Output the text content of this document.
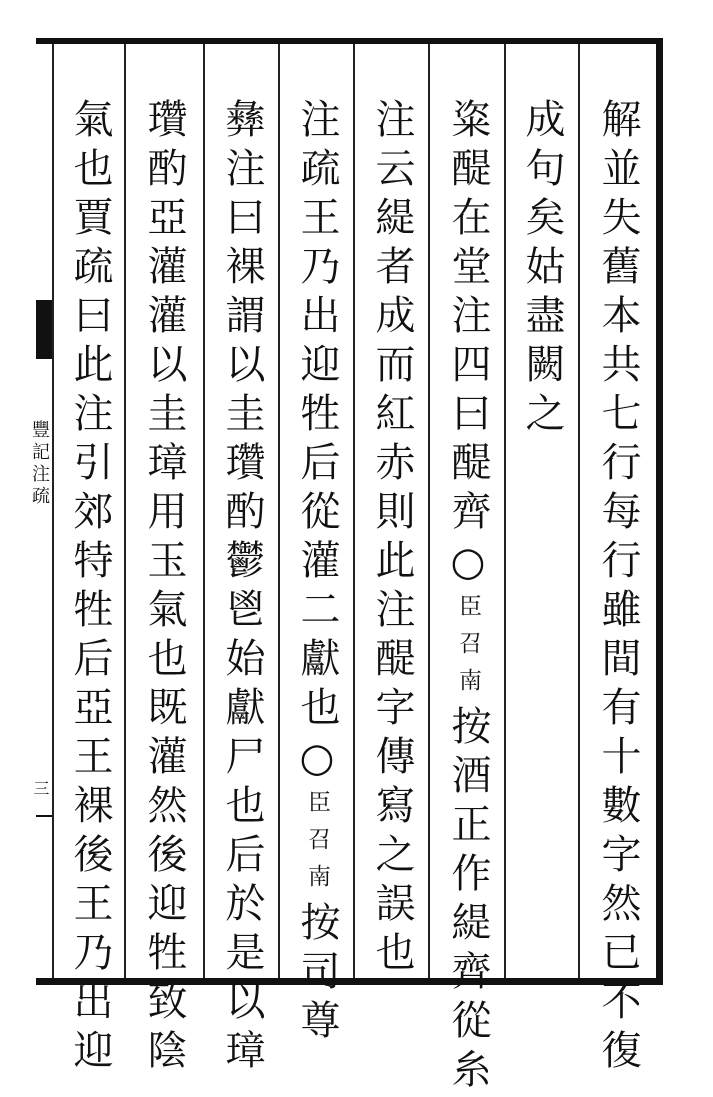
豐記注疏
三	解並失舊本共七行每行雖間有十數字然已不復
成句矣姑盡闕之
粢醍在堂注四曰醍齊○臣召南按酒正作緹齊從糸
注云緹者成而紅赤則此注醍字傳寫之誤也
注疏王乃出迎牲后從灌二獻也○臣召南按司尊
彝注曰裸謂以圭瓚酌鬱鬯始獻尸也后於是以璋
瓚酌亞灌灌以圭璋用玉氣也既灌然後迎牲致陰
氣也賈疏曰此注引郊特牲后亞王裸後王乃出迎
